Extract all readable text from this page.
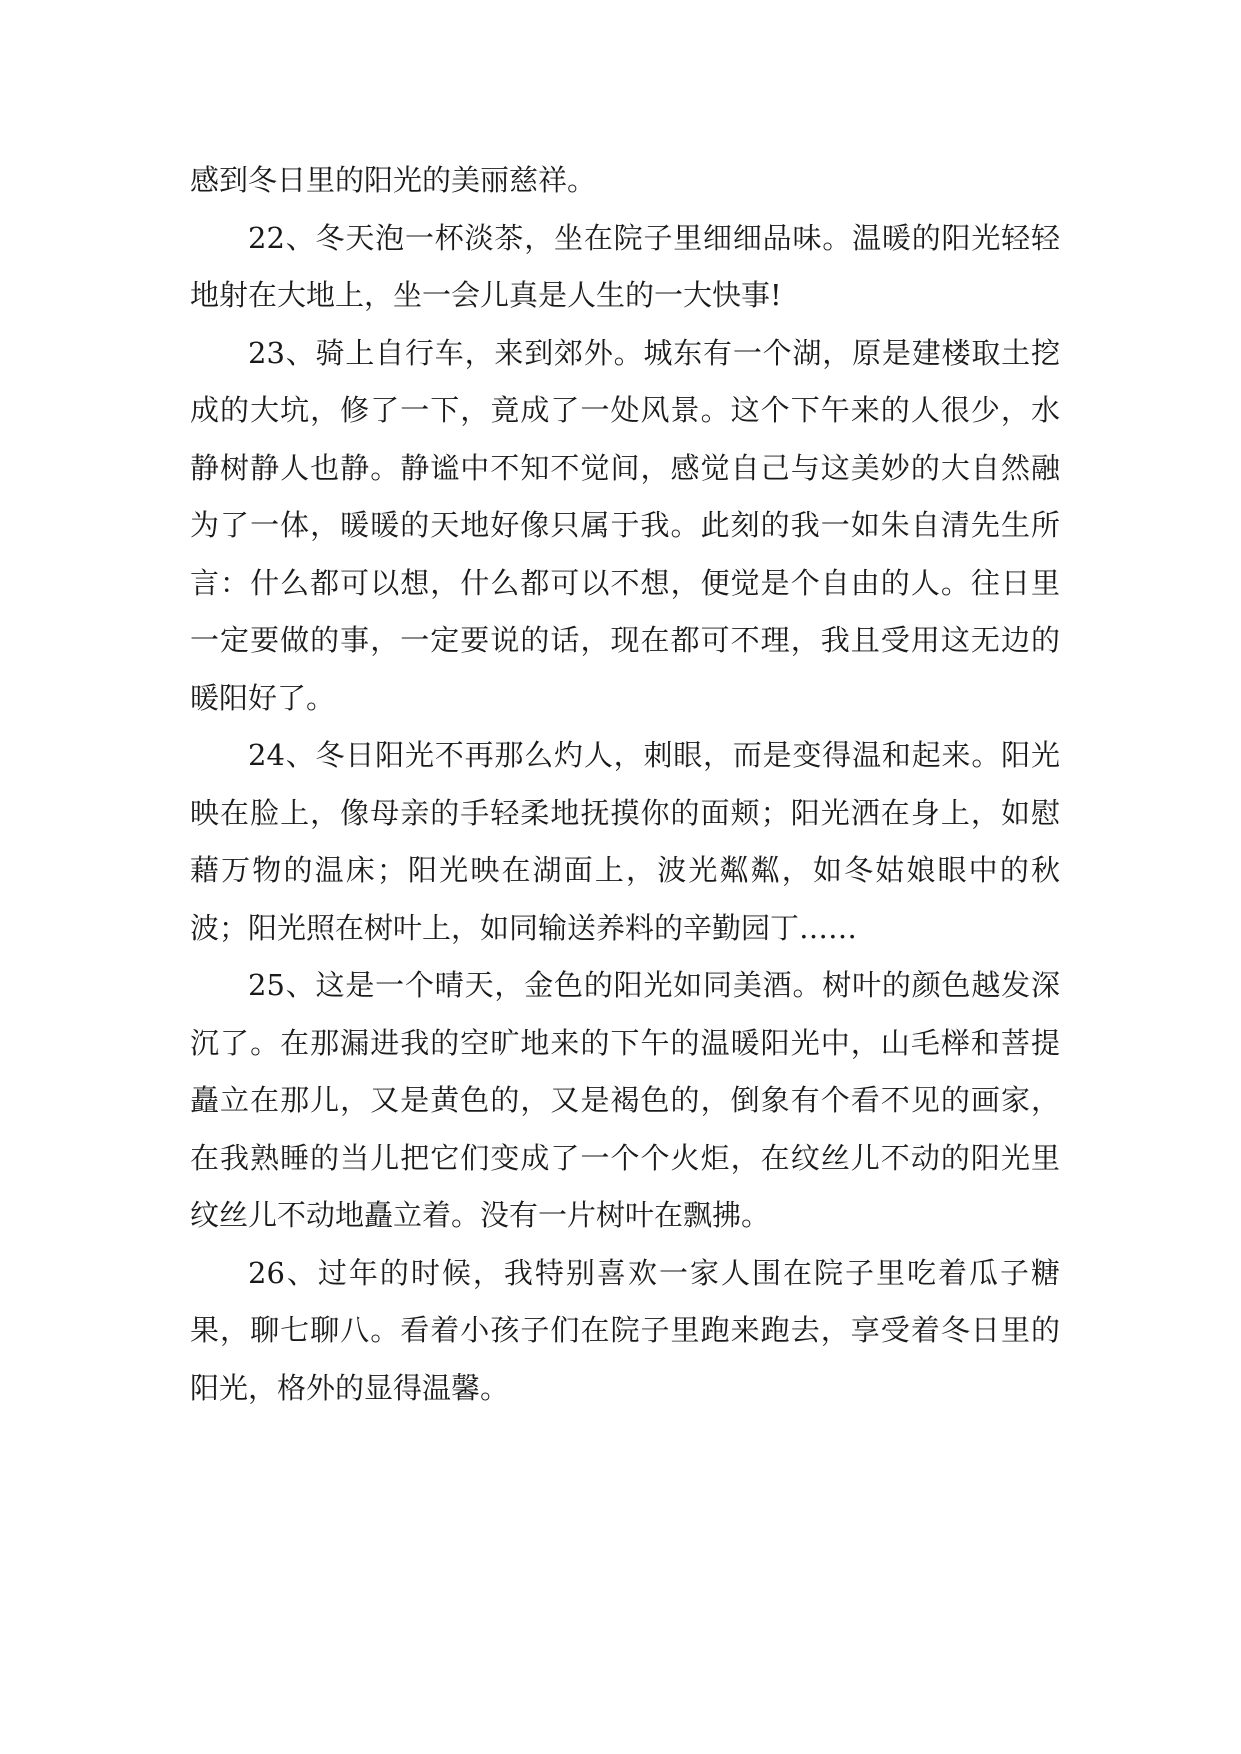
感到冬日里的阳光的美丽慈祥。

22、冬天泡一杯淡茶，坐在院子里细细品味。温暖的阳光轻轻地射在大地上，坐一会儿真是人生的一大快事!

23、骑上自行车，来到郊外。城东有一个湖，原是建楼取土挖成的大坑，修了一下，竟成了一处风景。这个下午来的人很少，水静树静人也静。静谧中不知不觉间，感觉自己与这美妙的大自然融为了一体，暖暖的天地好像只属于我。此刻的我一如朱自清先生所言：什么都可以想，什么都可以不想，便觉是个自由的人。往日里一定要做的事，一定要说的话，现在都可不理，我且受用这无边的暖阳好了。

24、冬日阳光不再那么灼人，刺眼，而是变得温和起来。阳光映在脸上，像母亲的手轻柔地抚摸你的面颊；阳光洒在身上，如慰藉万物的温床；阳光映在湖面上，波光粼粼，如冬姑娘眼中的秋波；阳光照在树叶上，如同输送养料的辛勤园丁……

25、这是一个晴天，金色的阳光如同美酒。树叶的颜色越发深沉了。在那漏进我的空旷地来的下午的温暖阳光中，山毛榉和菩提矗立在那儿，又是黄色的，又是褐色的，倒象有个看不见的画家，在我熟睡的当儿把它们变成了一个个火炬，在纹丝儿不动的阳光里纹丝儿不动地矗立着。没有一片树叶在飘拂。

26、过年的时候，我特别喜欢一家人围在院子里吃着瓜子糖果，聊七聊八。看着小孩子们在院子里跑来跑去，享受着冬日里的阳光，格外的显得温馨。
